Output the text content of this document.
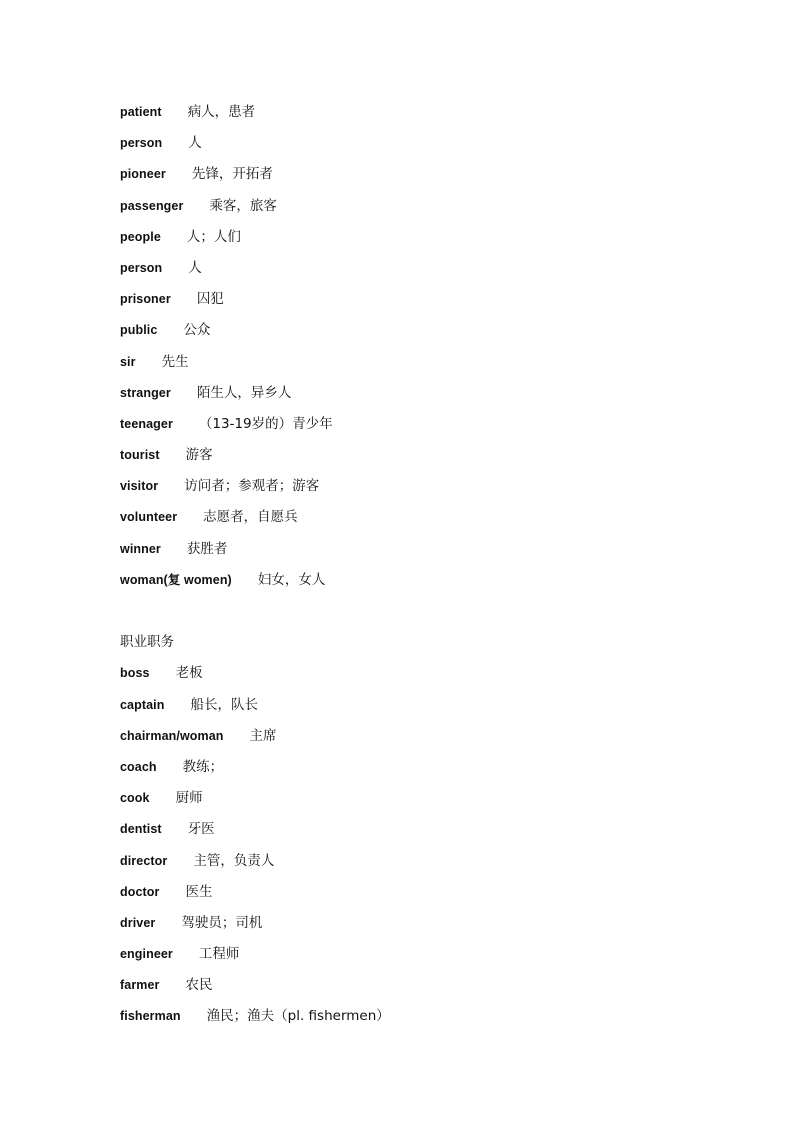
patient 病人，患者
person 人
pioneer 先锋，开拓者
passenger 乘客，旅客
people 人；人们
person 人
prisoner 囚犯
public 公众
sir 先生
stranger 陌生人，异乡人
teenager （13-19岁的）青少年
tourist 游客
visitor 访问者；参观者；游客
volunteer 志愿者，自愿兵
winner 获胜者
woman(复 women) 妇女，女人
职业职务
boss 老板
captain 船长，队长
chairman/woman 主席
coach 教练；
cook 厨师
dentist 牙医
director 主管，负责人
doctor 医生
driver 驾驶员；司机
engineer 工程师
farmer 农民
fisherman 渔民；渔夫（pl. fishermen）
